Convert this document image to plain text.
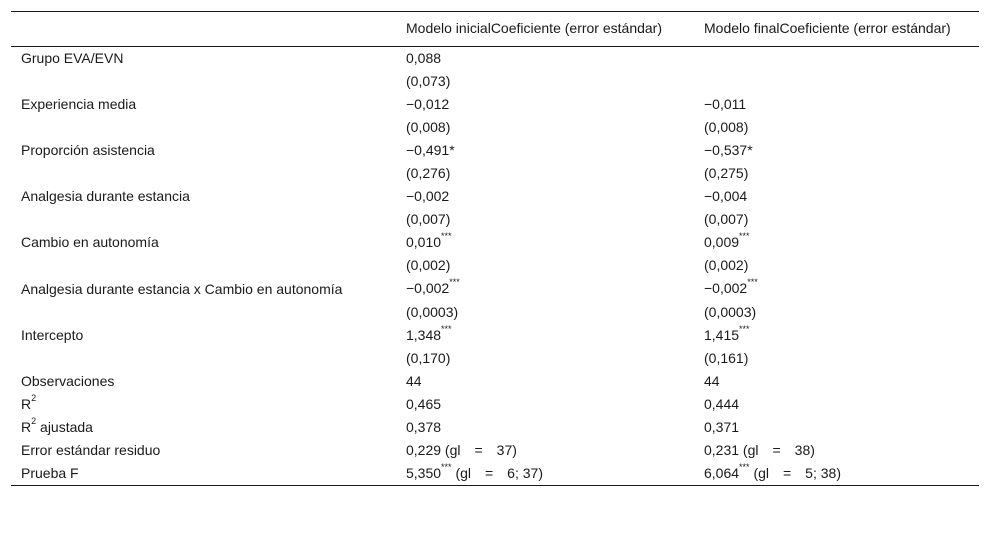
	Modelo inicialCoeficiente (error estándar)	Modelo finalCoeficiente (error estándar)
Grupo EVA/EVN	0,088	
	(0,073)	
Experiencia media	−0,012	−0,011
	(0,008)	(0,008)
Proporción asistencia	−0,491*	−0,537*
	(0,276)	(0,275)
Analgesia durante estancia	−0,002	−0,004
	(0,007)	(0,007)
Cambio en autonomía	0,010***	0,009***
	(0,002)	(0,002)
Analgesia durante estancia x Cambio en autonomía	−0,002***	−0,002***
	(0,0003)	(0,0003)
Intercepto	1,348***	1,415***
	(0,170)	(0,161)
Observaciones	44	44
$R^2$	0,465	0,444
$R^2$ ajustada	0,378	0,371
Error estándar residuo	0,229 (gl  =  37)	0,231 (gl  =  38)
Prueba F	5,350*** (gl  =  6; 37)	6,064*** (gl  =  5; 38)
